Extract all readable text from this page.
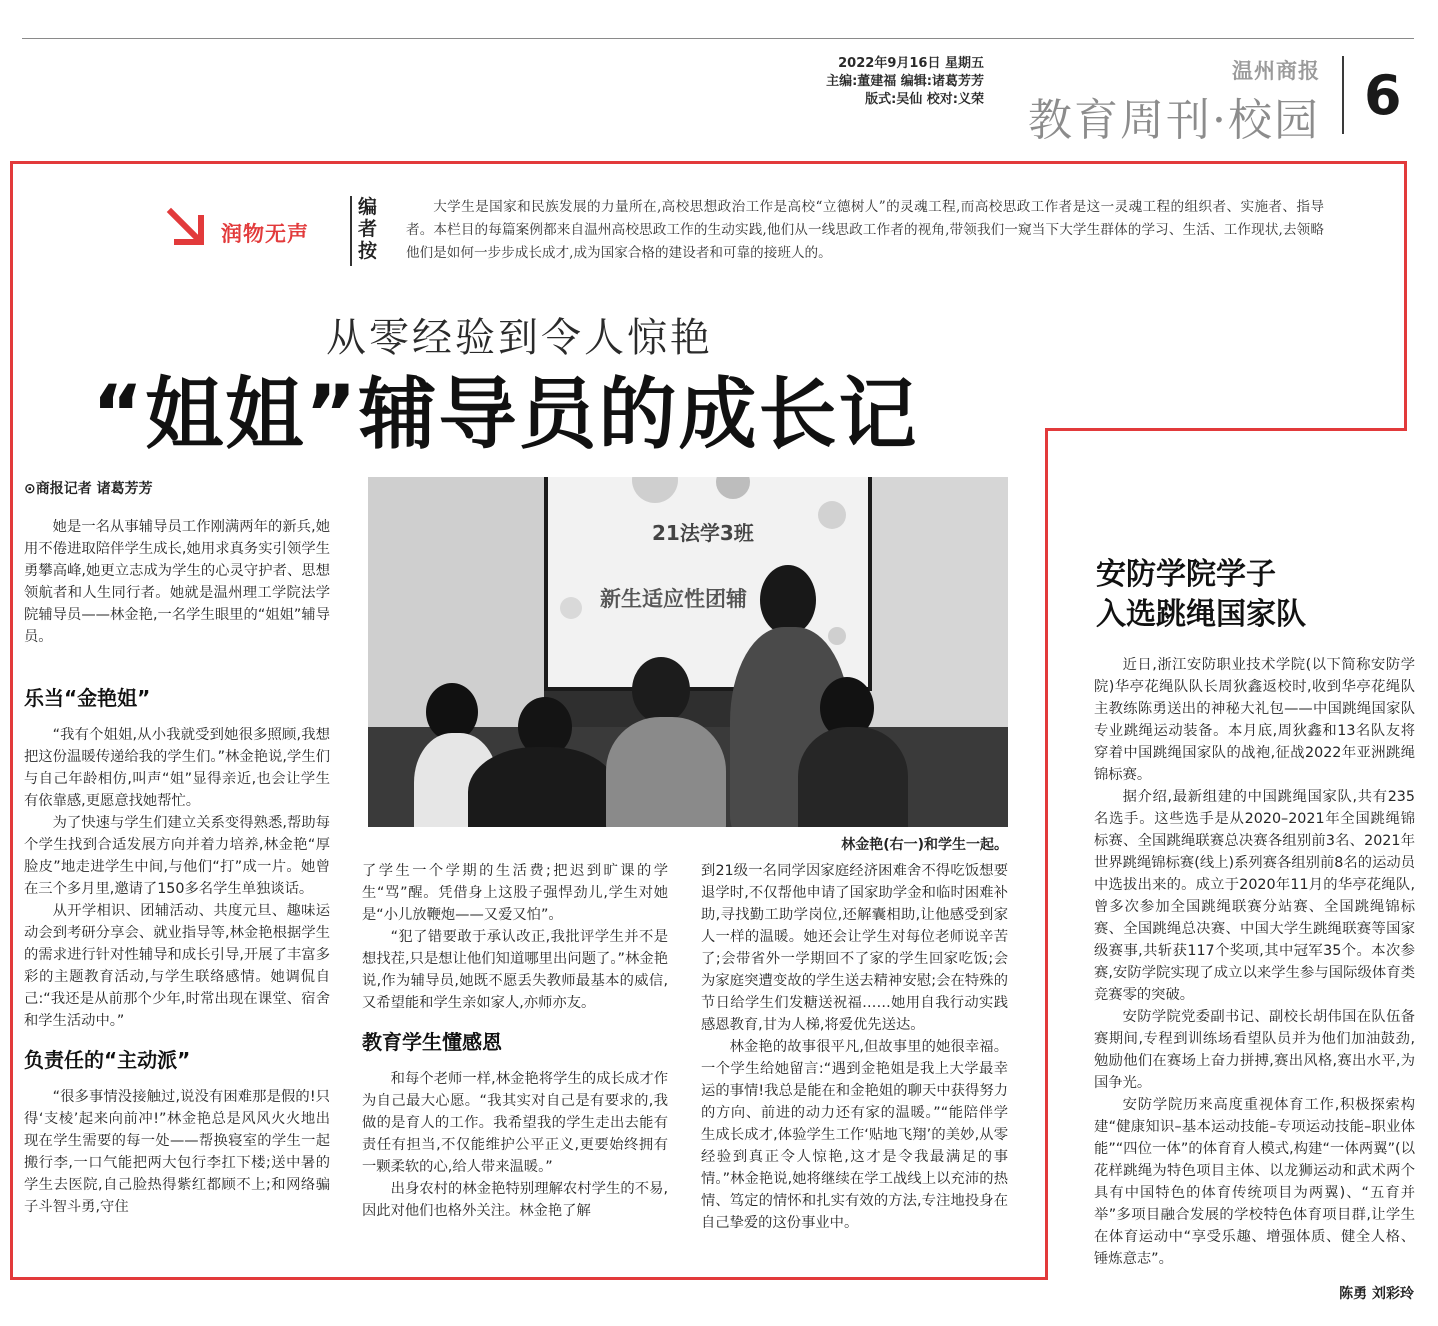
2022年9月16日 星期五
主编:董建福 编辑:诸葛芳芳
版式:吴仙 校对:义荣
温州商报
教育周刊·校园 6
润物无声
编
者
按
大学生是国家和民族发展的力量所在,高校思想政治工作是高校“立德树人”的灵魂工程,而高校思政工作者是这一灵魂工程的组织者、实施者、指导者。本栏目的每篇案例都来自温州高校思政工作的生动实践,他们从一线思政工作者的视角,带领我们一窥当下大学生群体的学习、生活、工作现状,去领略他们是如何一步步成长成才,成为国家合格的建设者和可靠的接班人的。
从零经验到令人惊艳
“姐姐”辅导员的成长记
⊙商报记者 诸葛芳芳

她是一名从事辅导员工作刚满两年的新兵,她用不倦进取陪伴学生成长,她用求真务实引领学生勇攀高峰,她更立志成为学生的心灵守护者、思想领航者和人生同行者。她就是温州理工学院法学院辅导员——林金艳,一名学生眼里的“姐姐”辅导员。

乐当“金艳姐”

“我有个姐姐,从小我就受到她很多照顾,我想把这份温暖传递给我的学生们。”林金艳说,学生们与自己年龄相仿,叫声“姐”显得亲近,也会让学生有依靠感,更愿意找她帮忙。

为了快速与学生们建立关系变得熟悉,帮助每个学生找到合适发展方向并着力培养,林金艳“厚脸皮”地走进学生中间,与他们“打”成一片。她曾在三个多月里,邀请了150多名学生单独谈话。

从开学相识、团辅活动、共度元旦、趣味运动会到考研分享会、就业指导等,林金艳根据学生的需求进行针对性辅导和成长引导,开展了丰富多彩的主题教育活动,与学生联络感情。她调侃自己:“我还是从前那个少年,时常出现在课堂、宿舍和学生活动中。”

负责任的“主动派”

“很多事情没接触过,说没有困难那是假的!只得‘支棱’起来向前冲!”林金艳总是风风火火地出现在学生需要的每一处——帮换寝室的学生一起搬行李,一口气能把两大包行李扛下楼;送中暑的学生去医院,自己脸热得紫红都顾不上;和网络骗子斗智斗勇,守住

21法学3班
新生适应性团辅
林金艳(右一)和学生一起。

了学生一个学期的生活费;把迟到旷课的学生“骂”醒。凭借身上这股子强悍劲儿,学生对她是“小儿放鞭炮——又爱又怕”。

“犯了错要敢于承认改正,我批评学生并不是想找茬,只是想让他们知道哪里出问题了。”林金艳说,作为辅导员,她既不愿丢失教师最基本的威信,又希望能和学生亲如家人,亦师亦友。

教育学生懂感恩

和每个老师一样,林金艳将学生的成长成才作为自己最大心愿。“我其实对自己是有要求的,我做的是育人的工作。我希望我的学生走出去能有责任有担当,不仅能维护公平正义,更要始终拥有一颗柔软的心,给人带来温暖。”

出身农村的林金艳特别理解农村学生的不易,因此对他们也格外关注。林金艳了解

到21级一名同学因家庭经济困难舍不得吃饭想要退学时,不仅帮他申请了国家助学金和临时困难补助,寻找勤工助学岗位,还解囊相助,让他感受到家人一样的温暖。她还会让学生对每位老师说辛苦了;会带省外一学期回不了家的学生回家吃饭;会为家庭突遭变故的学生送去精神安慰;会在特殊的节日给学生们发糖送祝福……她用自我行动实践感恩教育,甘为人梯,将爱优先送达。

林金艳的故事很平凡,但故事里的她很幸福。一个学生给她留言:“遇到金艳姐是我上大学最幸运的事情!我总是能在和金艳姐的聊天中获得努力的方向、前进的动力还有家的温暖。”“能陪伴学生成长成才,体验学生工作‘贴地飞翔’的美妙,从零经验到真正令人惊艳,这才是令我最满足的事情。”林金艳说,她将继续在学工战线上以充沛的热情、笃定的情怀和扎实有效的方法,专注地投身在自己挚爱的这份事业中。

安防学院学子
入选跳绳国家队

近日,浙江安防职业技术学院(以下简称安防学院)华亭花绳队队长周狄鑫返校时,收到华亭花绳队主教练陈勇送出的神秘大礼包——中国跳绳国家队专业跳绳运动装备。本月底,周狄鑫和13名队友将穿着中国跳绳国家队的战袍,征战2022年亚洲跳绳锦标赛。

据介绍,最新组建的中国跳绳国家队,共有235名选手。这些选手是从2020–2021年全国跳绳锦标赛、全国跳绳联赛总决赛各组别前3名、2021年世界跳绳锦标赛(线上)系列赛各组别前8名的运动员中选拔出来的。成立于2020年11月的华亭花绳队,曾多次参加全国跳绳联赛分站赛、全国跳绳锦标赛、全国跳绳总决赛、中国大学生跳绳联赛等国家级赛事,共斩获117个奖项,其中冠军35个。本次参赛,安防学院实现了成立以来学生参与国际级体育类竞赛零的突破。

安防学院党委副书记、副校长胡伟国在队伍备赛期间,专程到训练场看望队员并为他们加油鼓劲,勉励他们在赛场上奋力拼搏,赛出风格,赛出水平,为国争光。

安防学院历来高度重视体育工作,积极探索构建“健康知识–基本运动技能–专项运动技能–职业体能”“四位一体”的体育育人模式,构建“一体两翼”(以花样跳绳为特色项目主体、以龙狮运动和武术两个具有中国特色的体育传统项目为两翼)、“五育并举”多项目融合发展的学校特色体育项目群,让学生在体育运动中“享受乐趣、增强体质、健全人格、锤炼意志”。

陈勇 刘彩玲
